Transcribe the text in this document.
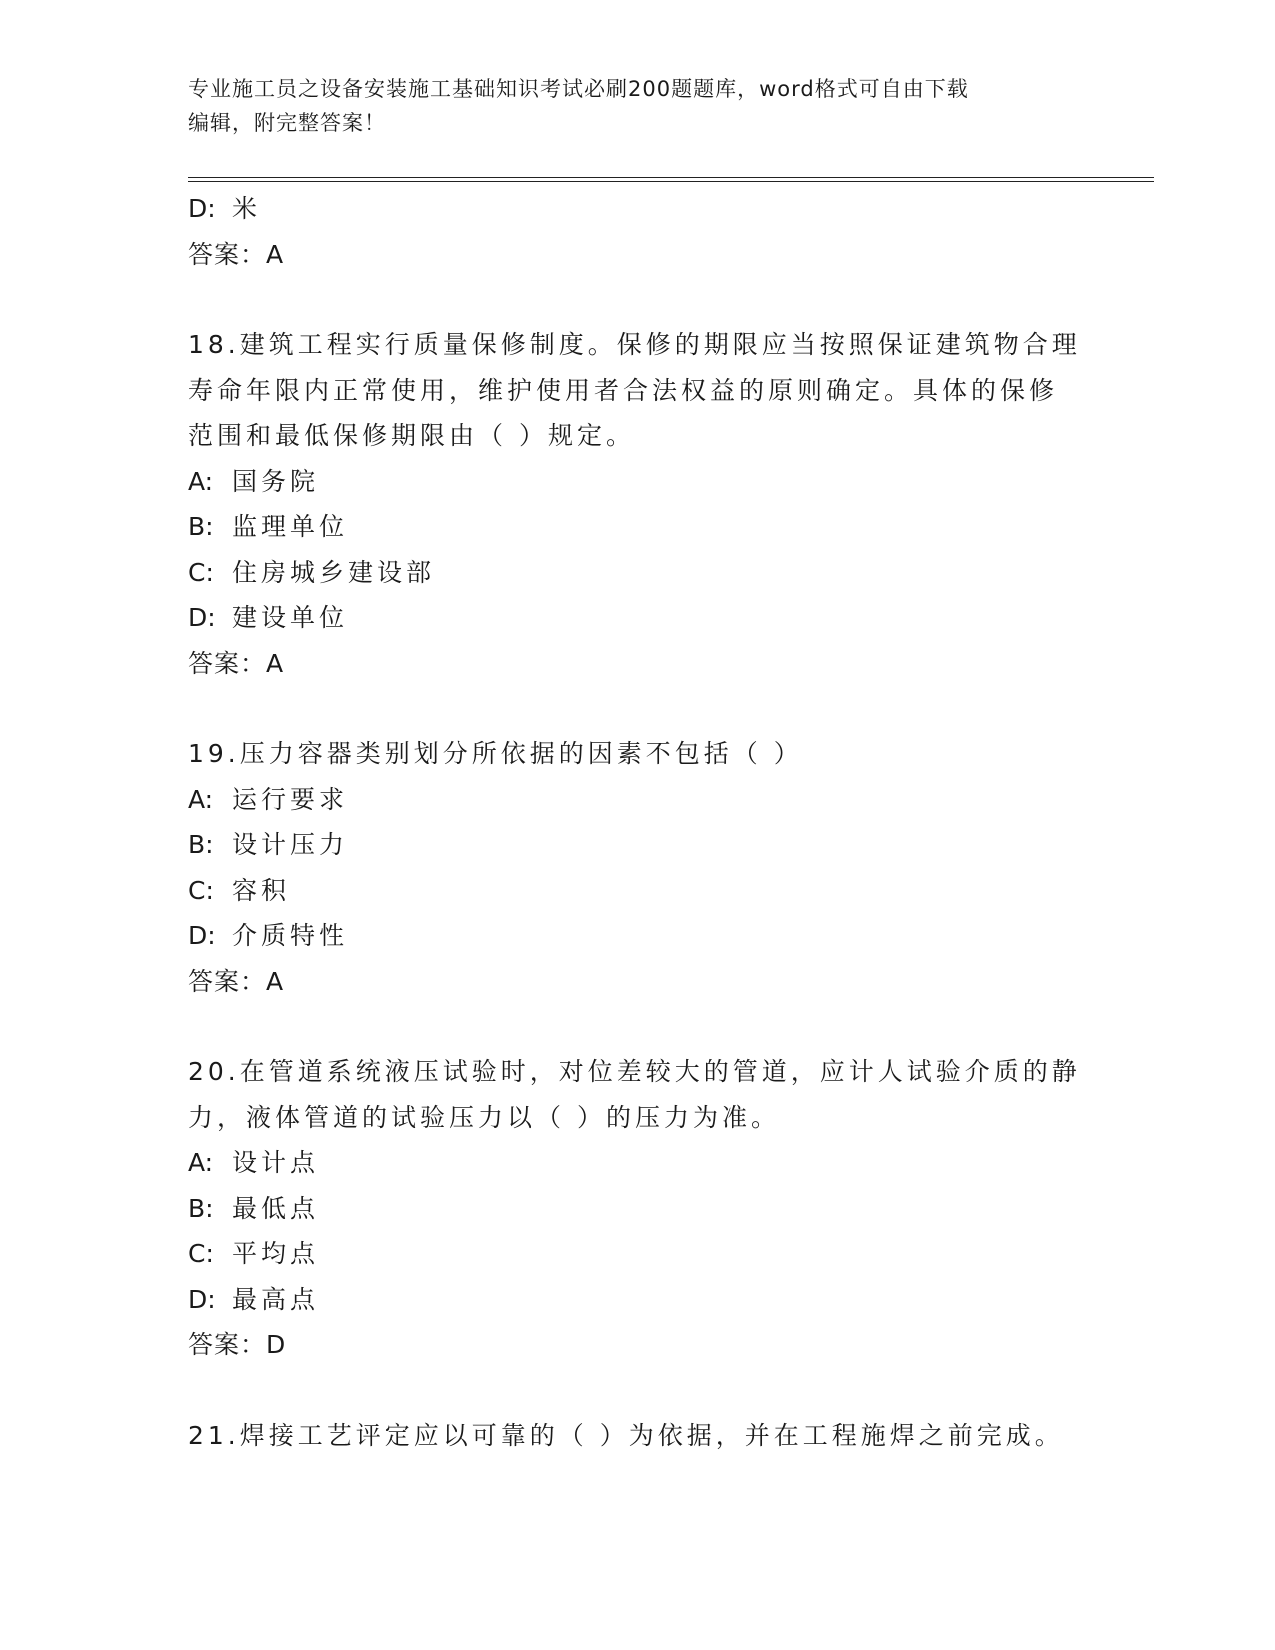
专业施工员之设备安装施工基础知识考试必刷200题题库，word格式可自由下载
编辑，附完整答案！
D: 米
答案：A
18.建筑工程实行质量保修制度。保修的期限应当按照保证建筑物合理
寿命年限内正常使用，维护使用者合法权益的原则确定。具体的保修
范围和最低保修期限由（ ）规定。
A: 国务院
B: 监理单位
C: 住房城乡建设部
D: 建设单位
答案：A
19.压力容器类别划分所依据的因素不包括（ ）
A: 运行要求
B: 设计压力
C: 容积
D: 介质特性
答案：A
20.在管道系统液压试验时，对位差较大的管道，应计人试验介质的静
力，液体管道的试验压力以（ ）的压力为准。
A: 设计点
B: 最低点
C: 平均点
D: 最高点
答案：D
21.焊接工艺评定应以可靠的（ ）为依据，并在工程施焊之前完成。
